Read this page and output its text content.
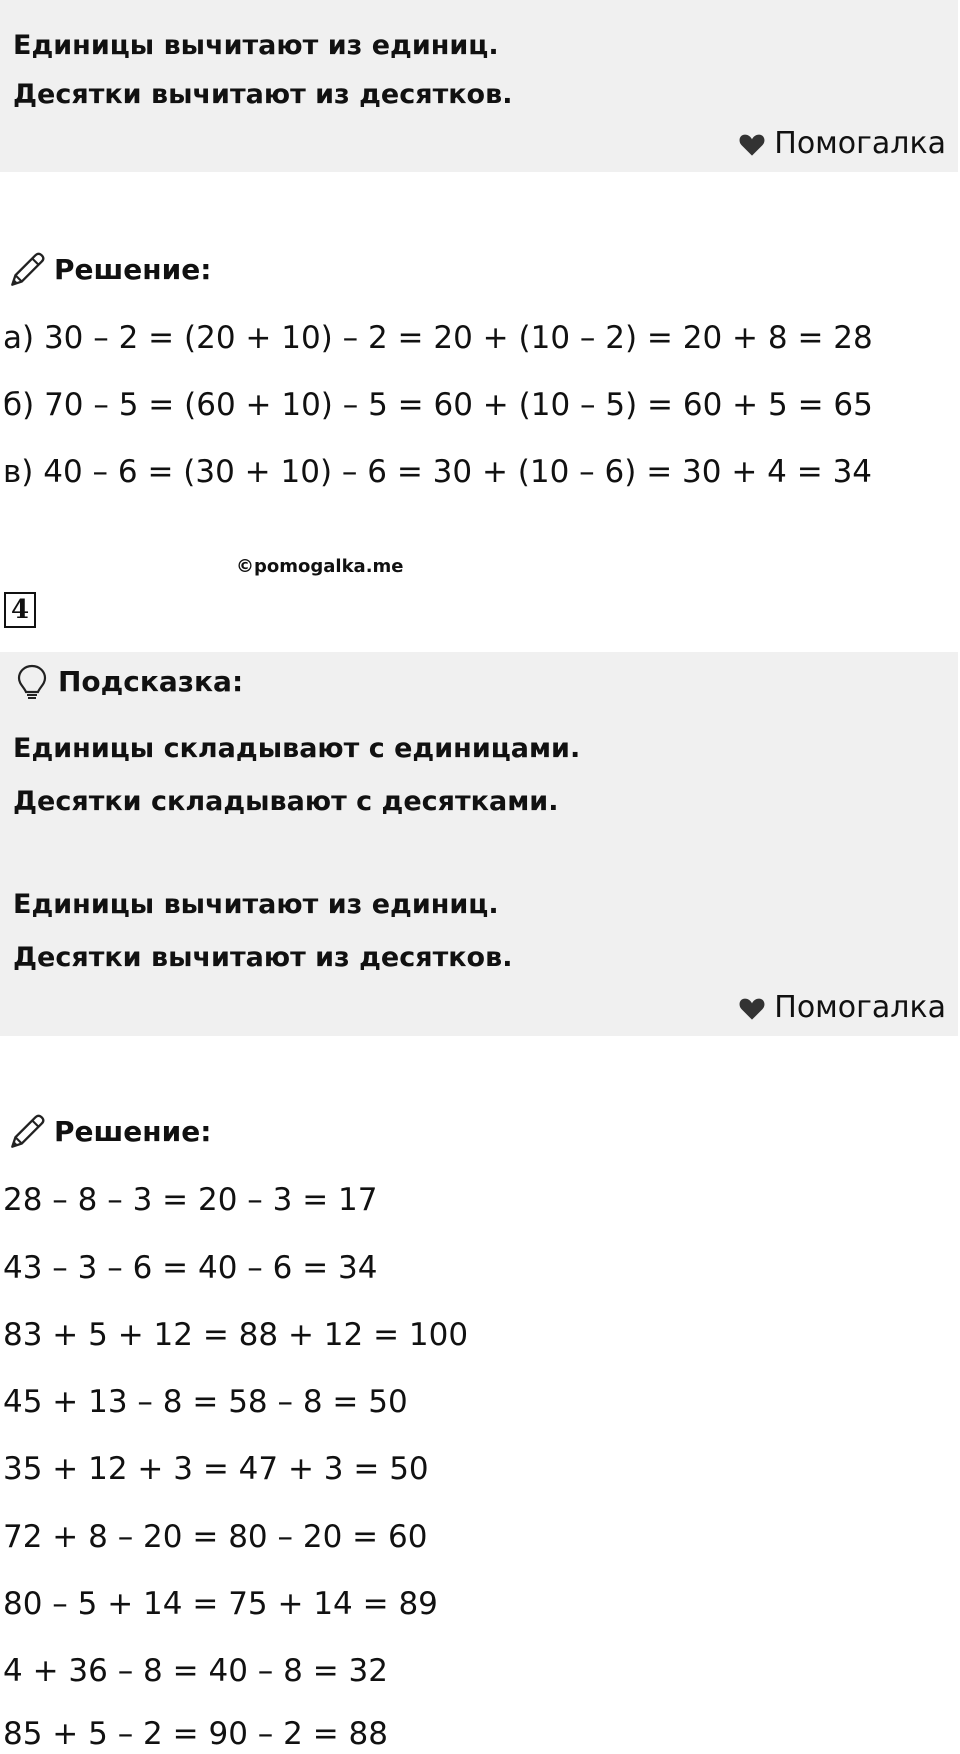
Единицы вычитают из единиц.
Десятки вычитают из десятков.
Помогалка
Решение:
а) 30 – 2 = (20 + 10) – 2 = 20 + (10 – 2) = 20 + 8 = 28
б) 70 – 5 = (60 + 10) – 5 = 60 + (10 – 5) = 60 + 5 = 65
в) 40 – 6 = (30 + 10) – 6 = 30 + (10 – 6) = 30 + 4 = 34
©pomogalka.me
4
Подсказка:
Единицы складывают с единицами.
Десятки складывают с десятками.
Единицы вычитают из единиц.
Десятки вычитают из десятков.
Помогалка
Решение:
28 – 8 – 3 = 20 – 3 = 17
43 – 3 – 6 = 40 – 6 = 34
83 + 5 + 12 = 88 + 12 = 100
45 + 13 – 8 = 58 – 8 = 50
35 + 12 + 3 = 47 + 3 = 50
72 + 8 – 20 = 80 – 20 = 60
80 – 5 + 14 = 75 + 14 = 89
4 + 36 – 8 = 40 – 8 = 32
85 + 5 – 2 = 90 – 2 = 88
